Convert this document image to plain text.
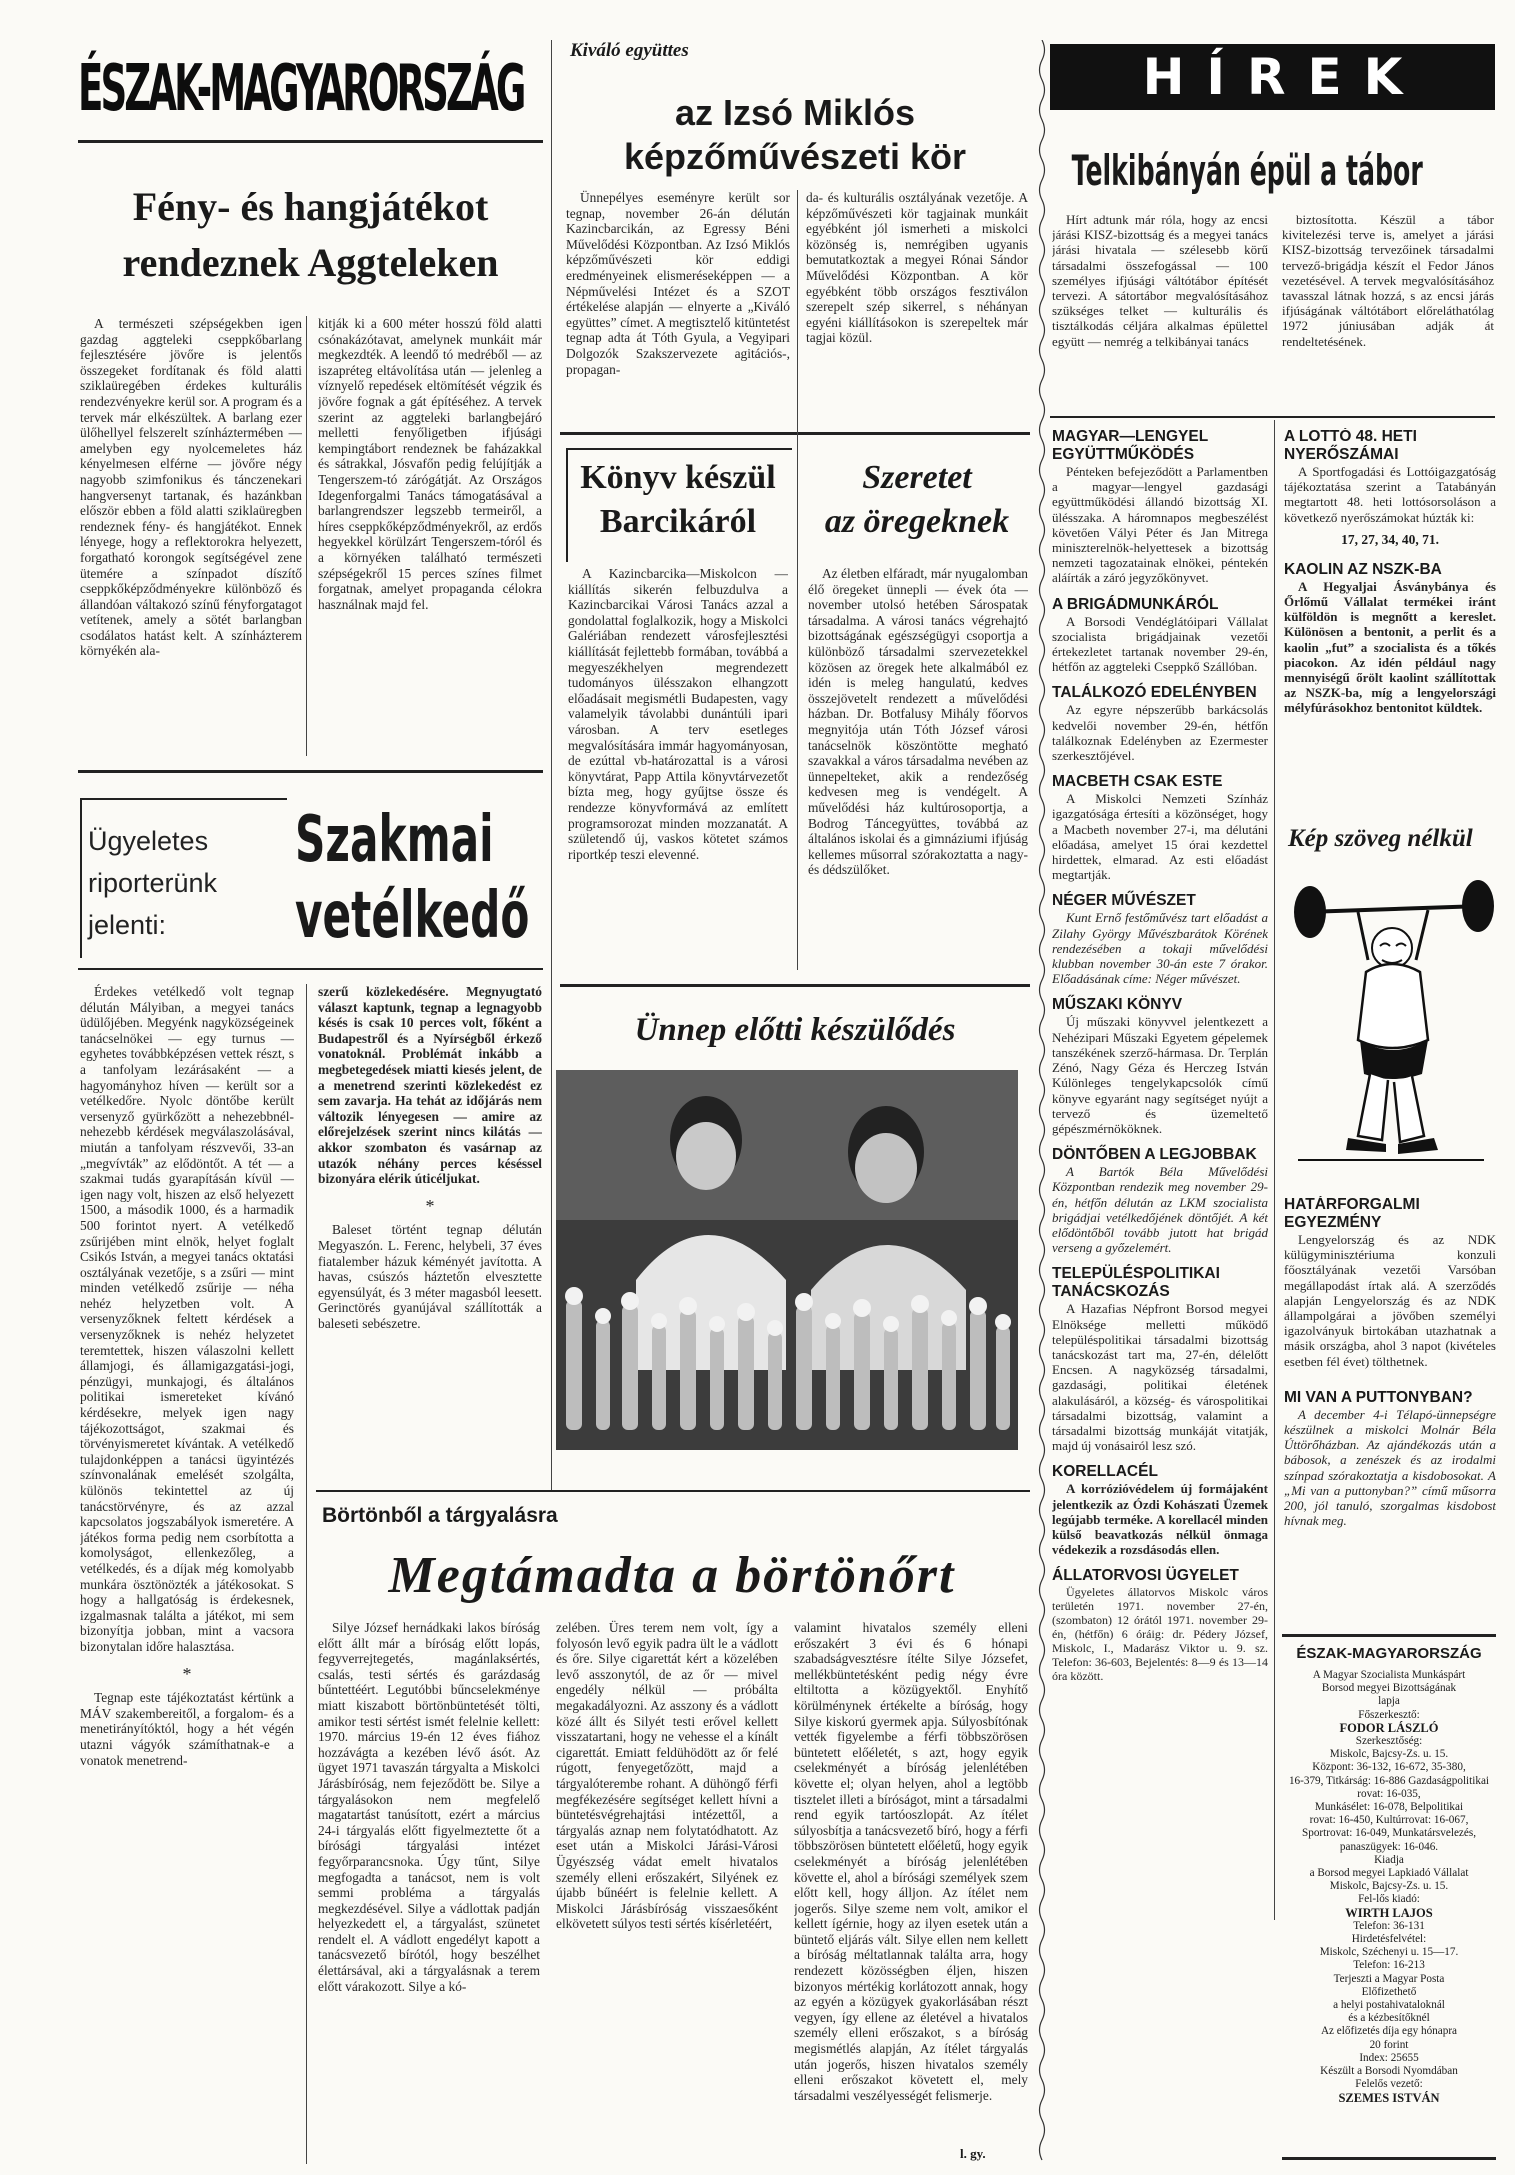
ÉSZAK-MAGYARORSZÁG
Fény- és hangjátékot
rendeznek Aggteleken

A természeti szépségekben igen gazdag aggteleki cseppkőbarlang fejlesztésére jövőre is jelentős összegeket fordítanak és föld alatti sziklaüregében érdekes kulturális rendezvényekre kerül sor. A program és a tervek már elkészültek. A barlang ezer ülőhellyel felszerelt színháztermében — amelyben egy nyolcemeletes ház kényelmesen elférne — jövőre négy nagyobb szimfonikus és tánczenekari hangversenyt tartanak, és hazánkban először ebben a föld alatti sziklaüregben rendeznek fény- és hangjátékot. Ennek lényege, hogy a reflektorokra helyezett, forgatható korongok segítségével zene ütemére a színpadot díszítő cseppkőképződményekre különböző és állandóan váltakozó színű fényforgatagot vetítenek, amely a sötét barlangban csodálatos hatást kelt. A színházterem környékén ala-

kitják ki a 600 méter hosszú föld alatti csónakázótavat, amelynek munkáit már megkezdték. A leendő tó medréből — az iszapréteg eltávolítása után — jelenleg a víznyelő repedések eltömítését végzik és jövőre fognak a gát építéséhez. A tervek szerint az aggteleki barlangbejáró melletti fenyőligetben ifjúsági kempingtábort rendeznek be faházakkal és sátrakkal, Jósvafőn pedig felújítják a Tengerszem-tó zárógátját. Az Országos Idegenforgalmi Tanács támogatásával a barlangrendszer legszebb termeiről, a híres cseppkőképződményekről, az erdős hegyekkel körülzárt Tengerszem-tóról és a környéken található természeti szépségekről 15 perces színes filmet forgatnak, amelyet propaganda célokra használnak majd fel.

Ügyeletes
riporterünk
jelenti:
Szakmai
vetélkedő

Érdekes vetélkedő volt tegnap délután Mályiban, a megyei tanács üdülőjében. Megyénk nagyközségeinek tanácselnökei — egy turnus — egyhetes továbbképzésen vettek részt, s a tanfolyam lezárásaként — a hagyományhoz híven — került sor a vetélkedőre. Nyolc döntőbe került versenyző gyürkőzött a nehezebbnél-nehezebb kérdések megválaszolásával, miután a tanfolyam részvevői, 33-an „megvívták” az elődöntőt. A tét — a szakmai tudás gyarapításán kívül — igen nagy volt, hiszen az első helyezett 1500, a második 1000, és a harmadik 500 forintot nyert. A vetélkedő zsűrijében mint elnök, helyet foglalt Csikós István, a megyei tanács oktatási osztályának vezetője, s a zsűri — mint minden vetélkedő zsűrije — néha nehéz helyzetben volt. A versenyzőknek feltett kérdések a versenyzőknek is nehéz helyzetet teremtettek, hiszen válaszolni kellett államjogi, és államigazgatási-jogi, pénzügyi, munkajogi, és általános politikai ismereteket kívánó kérdésekre, melyek igen nagy tájékozottságot, szakmai és törvényismeretet kívántak. A vetélkedő tulajdonképpen a tanácsi ügyintézés színvonalának emelését szolgálta, különös tekintettel az új tanácstörvényre, és az azzal kapcsolatos jogszabályok ismeretére. A játékos forma pedig nem csorbította a komolyságot, ellenkezőleg, a vetélkedés, és a díjak még komolyabb munkára ösztönözték a játékosokat. S hogy a hallgatóság is érdekesnek, izgalmasnak találta a játékot, mi sem bizonyítja jobban, mint a vacsora bizonytalan időre halasztása.

*

Tegnap este tájékoztatást kértünk a MÁV szakembereitől, a forgalom- és a menetirányítóktól, hogy a hét végén utazni vágyók számíthatnak-e a vonatok menetrend-

szerű közlekedésére. Megnyugtató választ kaptunk, tegnap a legnagyobb késés is csak 10 perces volt, főként a Budapestről és a Nyírségből érkező vonatoknál. Problémát inkább a megbetegedések miatti kiesés jelent, de a menetrend szerinti közlekedést ez sem zavarja. Ha tehát az időjárás nem változik lényegesen — amire az előrejelzések szerint nincs kilátás — akkor szombaton és vasárnap az utazók néhány perces késéssel bizonyára elérik úticéljukat.

*

Baleset történt tegnap délután Megyaszón. L. Ferenc, helybeli, 37 éves fiatalember házuk kéményét javította. A havas, csúszós háztetőn elvesztette egyensúlyát, és 3 méter magasból leesett. Gerinctörés gyanújával szállították a baleseti sebészetre.

Kiváló együttes
az Izsó Miklós
képzőművészeti kör

Ünnepélyes eseményre került sor tegnap, november 26-án délután Kazincbarcikán, az Egressy Béni Művelődési Központban. Az Izsó Miklós képzőművészeti kör eddigi eredményeinek elismeréseképpen — a Népművelési Intézet és a SZOT értékelése alapján — elnyerte a „Kiváló együttes” címet. A megtisztelő kitüntetést tegnap adta át Tóth Gyula, a Vegyipari Dolgozók Szakszervezete agitációs-, propagan-

da- és kulturális osztályának vezetője. A képzőművészeti kör tagjainak munkáit egyébként jól ismerheti a miskolci közönség is, nemrégiben ugyanis bemutatkoztak a megyei Rónai Sándor Művelődési Központban. A kör egyébként több országos fesztiválon szerepelt szép sikerrel, s néhányan egyéni kiállításokon is szerepeltek már tagjai közül.

Könyv készül
Barcikáról

A Kazincbarcika—Miskolcon — kiállítás sikerén felbuzdulva a Kazincbarcikai Városi Tanács azzal a gondolattal foglalkozik, hogy a Miskolci Galériában rendezett városfejlesztési kiállítását fejlettebb formában, továbbá a megyeszékhelyen megrendezett tudományos ülésszakon elhangzott előadásait megismétli Budapesten, vagy valamelyik távolabbi dunántúli ipari városban. A terv esetleges megvalósítására immár hagyományosan, de ezúttal vb-határozattal is a városi könyvtárat, Papp Attila könyvtárvezetőt bízta meg, hogy gyűjtse össze és rendezze könyvformává az említett programsorozat minden mozzanatát. A születendő új, vaskos kötetet számos riportkép teszi elevenné.

Szeretet
az öregeknek

Az életben elfáradt, már nyugalomban élő öregeket ünnepli — évek óta — november utolsó hetében Sárospatak társadalma. A városi tanács végrehajtó bizottságának egészségügyi csoportja a különböző társadalmi szervezetekkel közösen az öregek hete alkalmából ez idén is meleg hangulatú, kedves összejövetelt rendezett a művelődési házban. Dr. Botfalusy Mihály főorvos megnyitója után Tóth József városi tanácselnök köszöntötte megható szavakkal a város társadalma nevében az ünnepelteket, akik a rendezőség kedvesen meg is vendégelt. A művelődési ház kultúrosoportja, a Bodrog Táncegyüttes, továbbá az általános iskolai és a gimnáziumi ifjúság kellemes műsorral szórakoztatta a nagy- és dédszülőket.

Ünnep előtti készülődés
Börtönből a tárgyalásra
Megtámadta a börtönőrt

Silye József hernádkaki lakos bíróság előtt állt már a bíróság előtt lopás, fegyverrejtegetés, magánlaksértés, csalás, testi sértés és garázdaság bűntettéért. Legutóbbi bűncselekménye miatt kiszabott börtönbüntetését tölti, amikor testi sértést ismét felelnie kellett: 1970. március 19-én 12 éves fiához hozzávágta a kezében lévő ásót. Az ügyet 1971 tavaszán tárgyalta a Miskolci Járásbíróság, nem fejeződött be. Silye a tárgyalásokon nem megfelelő magatartást tanúsított, ezért a március 24-i tárgyalás előtt figyelmeztette őt a bírósági tárgyalási intézet fegyőrparancsnoka. Úgy tűnt, Silye megfogadta a tanácsot, nem is volt semmi probléma a tárgyalás megkezdésével. Silye a vádlottak padján helyezkedett el, a tárgyalást, szünetet rendelt el. A vádlott engedélyt kapott a tanácsvezető bírótól, hogy beszélhet élettársával, aki a tárgyalásnak a terem előtt várakozott. Silye a kó-

zelében. Üres terem nem volt, így a folyosón levő egyik padra ült le a vádlott és őre. Silye cigarettát kért a közelében levő asszonytól, de az őr — mivel engedély nélkül — próbálta megakadályozni. Az asszony és a vádlott közé állt és Silyét testi erővel kellett visszatartani, hogy ne vehesse el a kínált cigarettát. Emiatt feldühödött az őr felé rúgott, fenyegetőzött, majd a tárgyalóterembe rohant. A dühöngő férfi megfékezésére segítséget kellett hívni a büntetésvégrehajtási intézettől, a tárgyalás aznap nem folytatódhatott. Az eset után a Miskolci Járási-Városi Ügyészség vádat emelt hivatalos személy elleni erőszakért, Silyének ez újabb bűnéért is felelnie kellett. A Miskolci Járásbíróság visszaesőként elkövetett súlyos testi sértés kísérletéért,

valamint hivatalos személy elleni erőszakért 3 évi és 6 hónapi szabadságvesztésre ítélte Silye Józsefet, mellékbüntetésként pedig négy évre eltiltotta a közügyektől. Enyhítő körülménynek értékelte a bíróság, hogy Silye kiskorú gyermek apja. Súlyosbítónak vették figyelembe a férfi többszörösen büntetett előéletét, s azt, hogy egyik cselekményét a bíróság jelenlétében követte el; olyan helyen, ahol a legtöbb tisztelet illeti a bíróságot, mint a társadalmi rend egyik tartóoszlopát. Az ítélet súlyosbítja a tanácsvezető bíró, hogy a férfi többszörösen büntetett előéletű, hogy egyik cselekményét a bíróság jelenlétében követte el, ahol a bírósági személyek szem előtt kell, hogy álljon. Az ítélet nem jogerős. Silye szeme nem volt, amikor el kellett ígérnie, hogy az ilyen esetek után a büntető eljárás vált. Silye ellen nem kellett a bíróság méltatlannak találta arra, hogy rendezett közösségben éljen, hiszen bizonyos mértékig korlátozott annak, hogy az egyén a közügyek gyakorlásában részt vegyen, így ellene az életével a hivatalos személy elleni erőszakot, s a bíróság megismétlés alapján, Az ítélet tárgyalás után jogerős, hiszen hivatalos személy elleni erőszakot követett el, mely társadalmi veszélyességét felismerje.

l. gy.
HÍREK
Telkibányán épül a tábor

Hírt adtunk már róla, hogy az encsi járási KISZ-bizottság és a megyei tanács járási hivatala — szélesebb körű társadalmi összefogással — 100 személyes ifjúsági váltótábor építését tervezi. A sátortábor megvalósításához szükséges telket — kulturális és tisztálkodás céljára alkalmas épülettel együtt — nemrég a telkibányai tanács

biztosította. Készül a tábor kivitelezési terve is, amelyet a járási KISZ-bizottság tervezőinek társadalmi tervező-brigádja készít el Fedor János vezetésével. A tervek megvalósításához tavasszal látnak hozzá, s az encsi járás ifjúságának váltótábort előreláthatólag 1972 júniusában adják át rendeltetésének.

MAGYAR—LENGYEL EGYÜTTMŰKÖDÉS

Pénteken befejeződött a Parlamentben a magyar—lengyel gazdasági együttműködési állandó bizottság XI. ülésszaka. A háromnapos megbeszélést követően Vályi Péter és Jan Mitrega miniszterelnök-helyettesek a bizottság nemzeti tagozatainak elnökei, péntekén aláírták a záró jegyzőkönyvet.

A BRIGÁDMUNKÁRÓL

A Borsodi Vendéglátóipari Vállalat szocialista brigádjainak vezetői értekezletet tartanak november 29-én, hétfőn az aggteleki Cseppkő Szállóban.

TALÁLKOZÓ EDELÉNYBEN

Az egyre népszerűbb barkácsolás kedvelői november 29-én, hétfőn találkoznak Edelényben az Ezermester szerkesztőjével.

MACBETH CSAK ESTE

A Miskolci Nemzeti Színház igazgatósága értesíti a közönséget, hogy a Macbeth november 27-i, ma délutáni előadása, amelyet 15 órai kezdettel hirdettek, elmarad. Az esti előadást megtartják.

NÉGER MŰVÉSZET

Kunt Ernő festőművész tart előadást a Zilahy György Művészbarátok Körének rendezésében a tokaji művelődési klubban november 30-án este 7 órakor. Előadásának címe: Néger művészet.

MŰSZAKI KÖNYV

Új műszaki könyvvel jelentkezett a Nehézipari Műszaki Egyetem gépelemek tanszékének szerző-hármasa. Dr. Terplán Zénó, Nagy Géza és Herczeg István Kúlönleges tengelykapcsolók című könyve egyaránt nagy segítséget nyújt a tervező és üzemeltető gépészmérnököknek.

DÖNTŐBEN A LEGJOBBAK

A Bartók Béla Művelődési Központban rendezik meg november 29-én, hétfőn délután az LKM szocialista brigádjai vetélkedőjének döntőjét. A két elődöntőből tovább jutott hat brigád verseng a győzelemért.

TELEPÜLÉSPOLITIKAI TANÁCSKOZÁS

A Hazafias Népfront Borsod megyei Elnöksége melletti működő településpolitikai társadalmi bizottság tanácskozást tart ma, 27-én, délelőtt Encsen. A nagyközség társadalmi, gazdasági, politikai életének alakulásáról, a község- és várospolitikai társadalmi bizottság, valamint a társadalmi bizottság munkáját vitatják, majd új vonásairól lesz szó.

KORELLACÉL

A korrózióvédelem új formájaként jelentkezik az Ózdi Kohászati Üzemek legújabb terméke. A korellacél minden külső beavatkozás nélkül önmaga védekezik a rozsdásodás ellen.

ÁLLATORVOSI ÜGYELET

Ügyeletes állatorvos Miskolc város területén 1971. november 27-én, (szombaton) 12 órától 1971. november 29-én, (hétfőn) 6 óráig: dr. Pédery József, Miskolc, I., Madarász Viktor u. 9. sz. Telefon: 36-603, Bejelentés: 8—9 és 13—14 óra között.

A LOTTÓ 48. HETI NYERŐSZÁMAI

A Sportfogadási és Lottóigazgatóság tájékoztatása szerint a Tatabányán megtartott 48. heti lottósorsoláson a következő nyerőszámokat húzták ki:

17, 27, 34, 40, 71.
KAOLIN AZ NSZK-BA

A Hegyaljai Ásványbánya és Őrlőmű Vállalat termékei iránt külföldön is megnőtt a kereslet. Különösen a bentonit, a perlit és a kaolin „fut” a szocialista és a tőkés piacokon. Az idén például nagy mennyiségű őrölt kaolint szállítottak az NSZK-ba, míg a lengyelországi mélyfúrásokhoz bentonitot küldtek.

Kép szöveg nélkül
HATÁRFORGALMI EGYEZMÉNY

Lengyelország és az NDK külügyminisztériuma konzuli főosztályának vezetői Varsóban megállapodást írtak alá. A szerződés alapján Lengyelország és az NDK állampolgárai a jövőben személyi igazolványuk birtokában utazhatnak a másik országba, ahol 3 napot (kivételes esetben fél évet) tölthetnek.

MI VAN A PUTTONYBAN?

A december 4-i Télapó-ünnepségre készülnek a miskolci Molnár Béla Úttörőházban. Az ajándékozás után a bábosok, a zenészek és az irodalmi színpad szórakoztatja a kisdobosokat. A „Mi van a puttonyban?” című műsorra 200, jól tanuló, szorgalmas kisdobost hívnak meg.

ÉSZAK-MAGYARORSZÁG
A Magyar Szocialista Munkáspárt
Borsod megyei Bizottságának
lapja
Főszerkesztő:
FODOR LÁSZLÓ
Szerkesztőség:
Miskolc, Bajcsy-Zs. u. 15.
Központ: 36-132, 16-672, 35-380,
16-379, Titkárság: 16-886 Gazdaságpolitikai rovat: 16-035,
Munkásélet: 16-078, Belpolitikai
rovat: 16-450, Kultúrrovat: 16-067,
Sportrovat: 16-049, Munkatársvelezés, panaszügyek: 16-046.
Kiadja
a Borsod megyei Lapkiadó Vállalat
Miskolc, Bajcsy-Zs. u. 15.
Fel-lős kiadó:
WIRTH LAJOS
Telefon: 36-131
Hirdetésfelvétel:
Miskolc, Széchenyi u. 15—17.
Telefon: 16-213
Terjeszti a Magyar Posta
Előfizethető
a helyi postahivataloknál
és a kézbesítőknél
Az előfizetés díja egy hónapra
20 forint
Index: 25655
Készült a Borsodi Nyomdában
Felelős vezető:
SZEMES ISTVÁN
